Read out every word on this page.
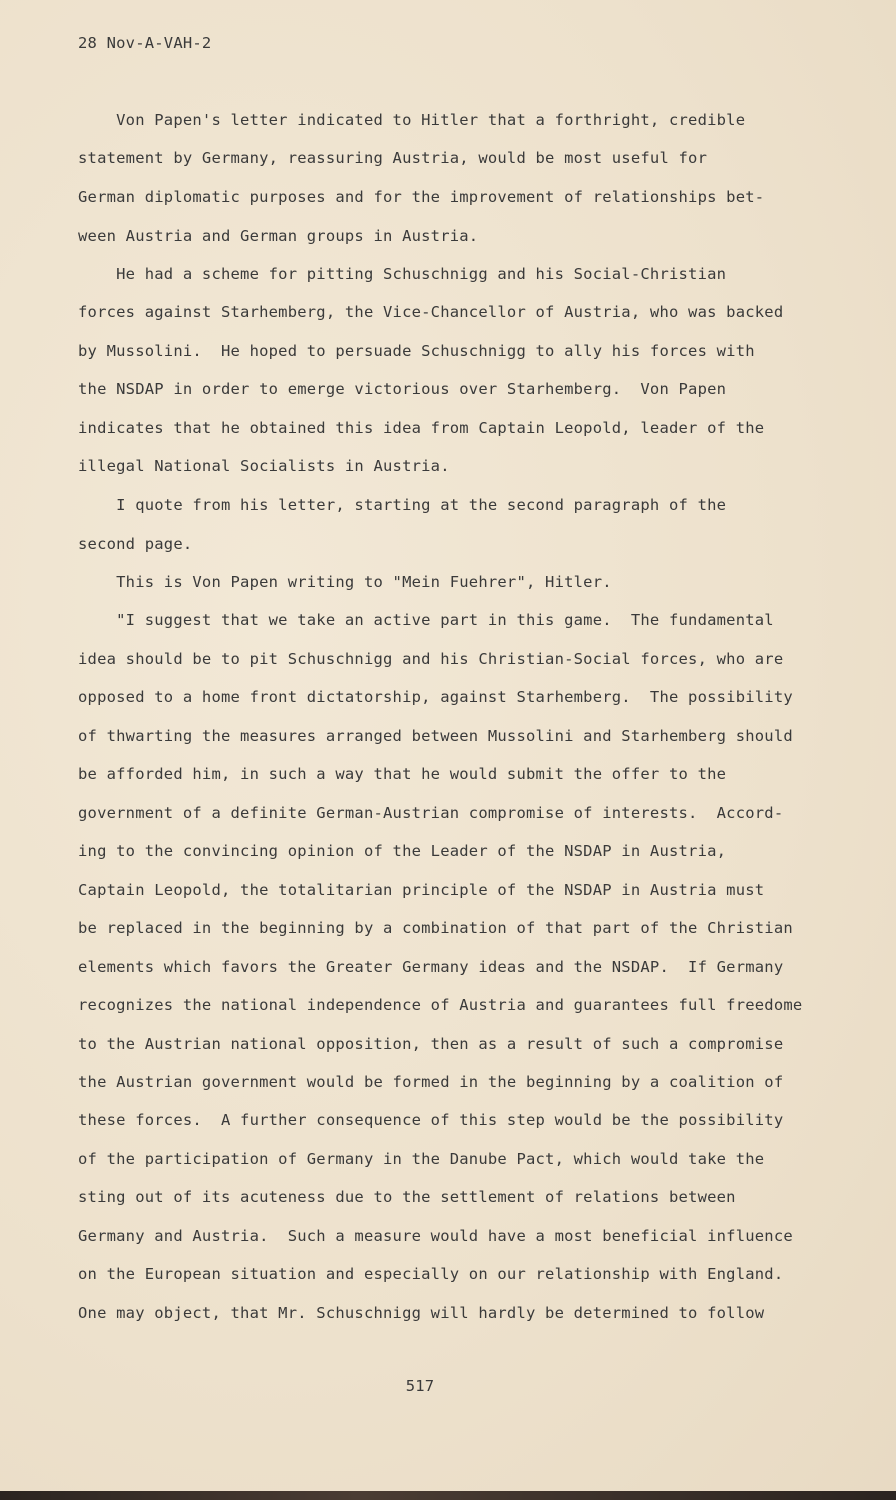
28 Nov-A-VAH-2
Von Papen's letter indicated to Hitler that a forthright, credible
statement by Germany, reassuring Austria, would be most useful for
German diplomatic purposes and for the improvement of relationships bet-
ween Austria and German groups in Austria.
He had a scheme for pitting Schuschnigg and his Social-Christian
forces against Starhemberg, the Vice-Chancellor of Austria, who was backed
by Mussolini.  He hoped to persuade Schuschnigg to ally his forces with
the NSDAP in order to emerge victorious over Starhemberg.  Von Papen
indicates that he obtained this idea from Captain Leopold, leader of the
illegal National Socialists in Austria.
I quote from his letter, starting at the second paragraph of the
second page.
This is Von Papen writing to "Mein Fuehrer", Hitler.
"I suggest that we take an active part in this game.  The fundamental
idea should be to pit Schuschnigg and his Christian-Social forces, who are
opposed to a home front dictatorship, against Starhemberg.  The possibility
of thwarting the measures arranged between Mussolini and Starhemberg should
be afforded him, in such a way that he would submit the offer to the
government of a definite German-Austrian compromise of interests.  Accord-
ing to the convincing opinion of the Leader of the NSDAP in Austria,
Captain Leopold, the totalitarian principle of the NSDAP in Austria must
be replaced in the beginning by a combination of that part of the Christian
elements which favors the Greater Germany ideas and the NSDAP.  If Germany
recognizes the national independence of Austria and guarantees full freedome
to the Austrian national opposition, then as a result of such a compromise
the Austrian government would be formed in the beginning by a coalition of
these forces.  A further consequence of this step would be the possibility
of the participation of Germany in the Danube Pact, which would take the
sting out of its acuteness due to the settlement of relations between
Germany and Austria.  Such a measure would have a most beneficial influence
on the European situation and especially on our relationship with England.
One may object, that Mr. Schuschnigg will hardly be determined to follow
517
